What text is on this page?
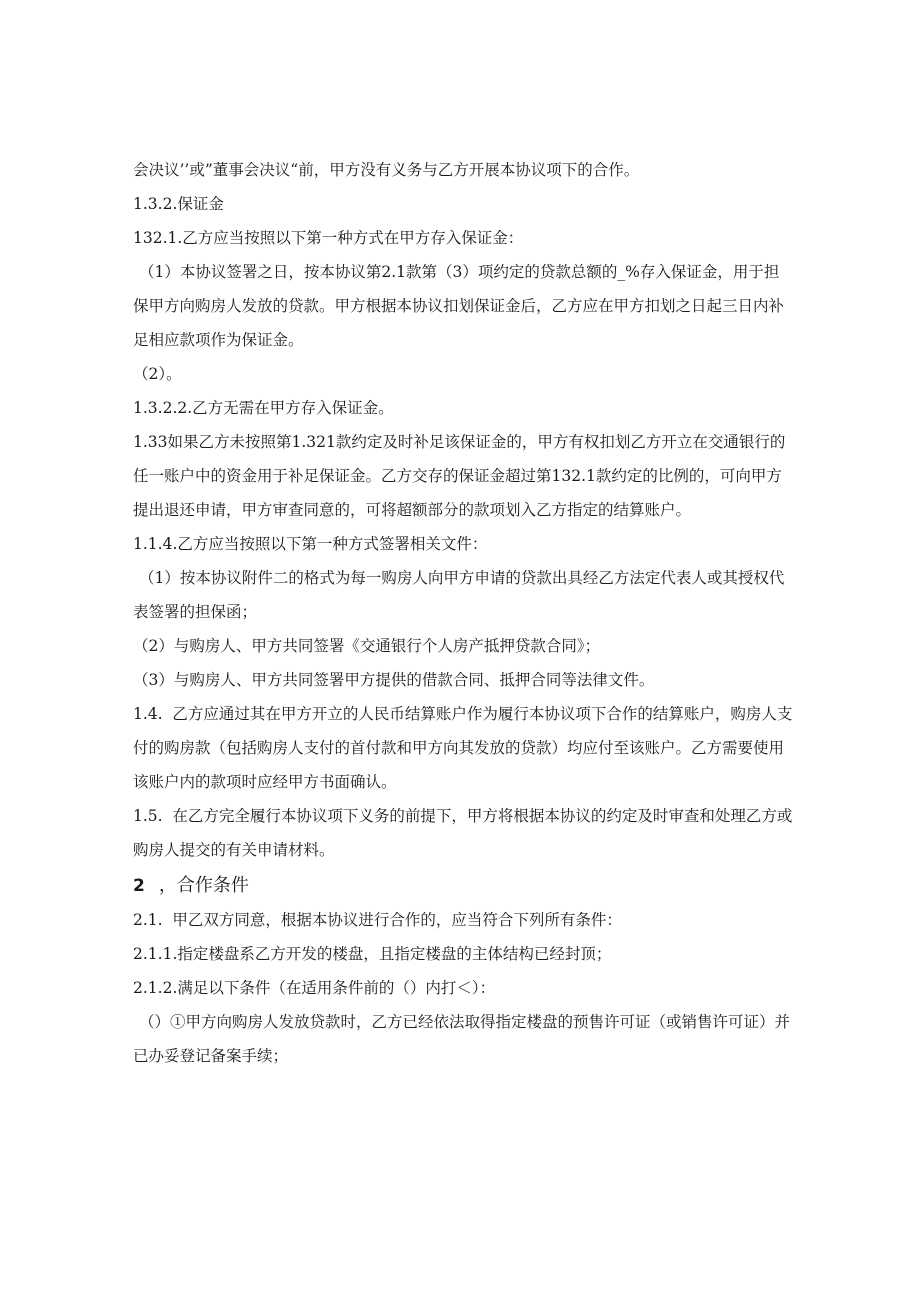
会决议’’或”董事会决议“前，甲方没有义务与乙方开展本协议项下的合作。

1.3.2.保证金

132.1.乙方应当按照以下第一种方式在甲方存入保证金：

（1）本协议签署之日，按本协议第2.1款第（3）项约定的贷款总额的_%存入保证金，用于担保甲方向购房人发放的贷款。甲方根据本协议扣划保证金后，乙方应在甲方扣划之日起三日内补足相应款项作为保证金。

（2）。

1.3.2.2.乙方无需在甲方存入保证金。

1.33如果乙方未按照第1.321款约定及时补足该保证金的，甲方有权扣划乙方开立在交通银行的任一账户中的资金用于补足保证金。乙方交存的保证金超过第132.1款约定的比例的，可向甲方提出退还申请，甲方审查同意的，可将超额部分的款项划入乙方指定的结算账户。

1.1.4.乙方应当按照以下第一种方式签署相关文件：

（1）按本协议附件二的格式为每一购房人向甲方申请的贷款出具经乙方法定代表人或其授权代表签署的担保函；

（2）与购房人、甲方共同签署《交通银行个人房产抵押贷款合同》；

（3）与购房人、甲方共同签署甲方提供的借款合同、抵押合同等法律文件。

1.4.  乙方应通过其在甲方开立的人民币结算账户作为履行本协议项下合作的结算账户，购房人支付的购房款（包括购房人支付的首付款和甲方向其发放的贷款）均应付至该账户。乙方需要使用该账户内的款项时应经甲方书面确认。

1.5.  在乙方完全履行本协议项下义务的前提下，甲方将根据本协议的约定及时审查和处理乙方或购房人提交的有关申请材料。

2 ，合作条件

2.1.  甲乙双方同意，根据本协议进行合作的，应当符合下列所有条件：

2.1.1.指定楼盘系乙方开发的楼盘，且指定楼盘的主体结构已经封顶；

2.1.2.满足以下条件（在适用条件前的（）内打＜）：

（）①甲方向购房人发放贷款时，乙方已经依法取得指定楼盘的预售许可证（或销售许可证）并已办妥登记备案手续；
